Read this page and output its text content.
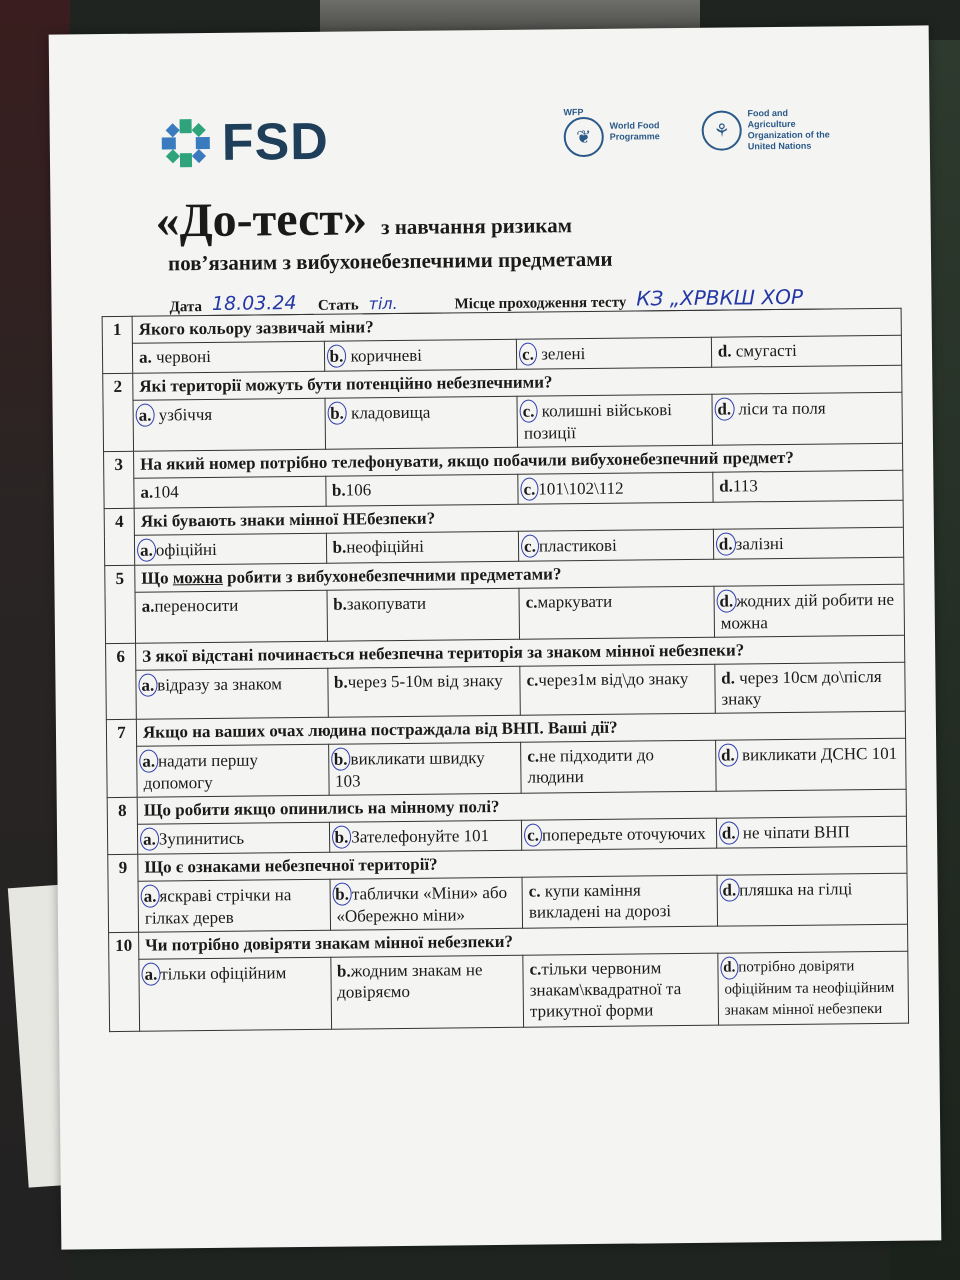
FSD
WFP
❦
World Food Programme	⚘
Food and Agriculture Organization of the United Nations
«До-тест» з навчання ризикам
пов’язаним з вибухонебезпечними предметами
Дата 18.03.24	Стать тіл.	Місце проходження тесту КЗ „ХРВКШ ХОР
1	Якого кольору зазвичай міни?			
	a. червоні	b. коричневі	c. зелені	d. смугасті
2	Які території можуть бути потенційно небезпечними?			
	a. узбіччя	b. кладовища	c. колишні військові позиції	d. ліси та поля
3	На який номер потрібно телефонувати, якщо побачили вибухонебезпечний предмет?			
	a.104	b.106	c. 101\102\112	d.113
4	Які бувають знаки мінної НЕбезпеки?			
	a. офіційні	b.неофіційні	c. пластикові	d. залізні
5	Що можна робити з вибухонебезпечними предметами?			
	a.переносити	b.закопувати	c.маркувати	d. жодних дій робити не можна
6	З якої відстані починається небезпечна територія за знаком мінної небезпеки?			
	a. відразу за знаком	b.через 5-10м від знаку	c.через1м від\до знаку	d. через 10см до\після знаку
7	Якщо на ваших очах людина постраждала від ВНП. Ваші дії?			
	a. надати першу допомогу	b. викликати швидку 103	c.не підходити до людини	d. викликати ДСНС 101
8	Що робити якщо опинились на мінному полі?			
	a. Зупинитись	b. Зателефонуйте 101	c. попередьте оточуючих	d. не чіпати ВНП
9	Що є ознаками небезпечної території?			
	a. яскраві стрічки на гілках дерев	b. таблички «Міни» або «Обережно міни»	c. купи каміння викладені на дорозі	d. пляшка на гілці
10	Чи потрібно довіряти знакам мінної небезпеки?			
	a. тільки офіційним	b.жодним знакам не довіряємо	c.тільки червоним знакам\квадратної та трикутної форми	d. потрібно довіряти офіційним та неофіційним знакам мінної небезпеки
